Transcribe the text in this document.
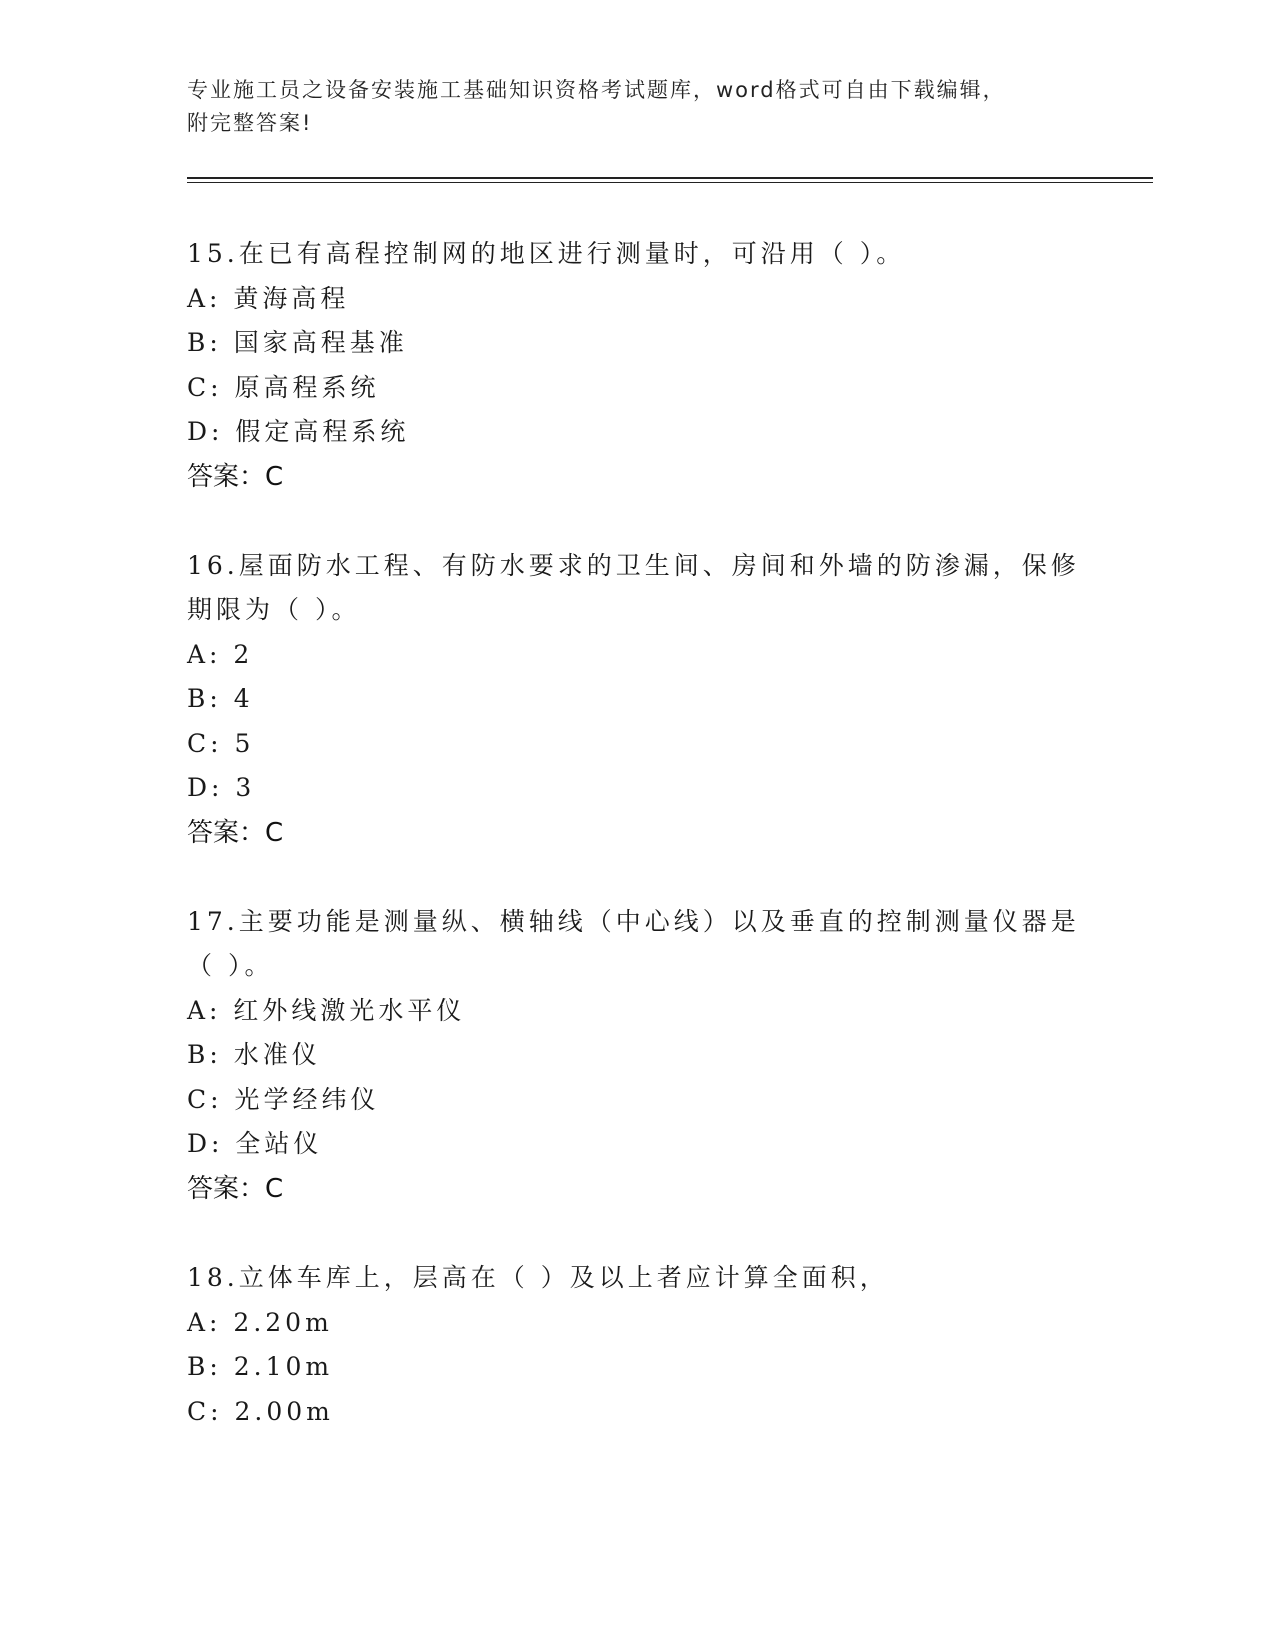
专业施工员之设备安装施工基础知识资格考试题库，word格式可自由下载编辑，
附完整答案!
15.在已有高程控制网的地区进行测量时，可沿用（ ）。
A: 黄海高程
B: 国家高程基准
C: 原高程系统
D: 假定高程系统
答案：C
16.屋面防水工程、有防水要求的卫生间、房间和外墙的防渗漏，保修
期限为（ ）。
A: 2
B: 4
C: 5
D: 3
答案：C
17.主要功能是测量纵、横轴线（中心线）以及垂直的控制测量仪器是
（ ）。
A: 红外线激光水平仪
B: 水准仪
C: 光学经纬仪
D: 全站仪
答案：C
18.立体车库上，层高在（ ）及以上者应计算全面积，
A: 2.20m
B: 2.10m
C: 2.00m
